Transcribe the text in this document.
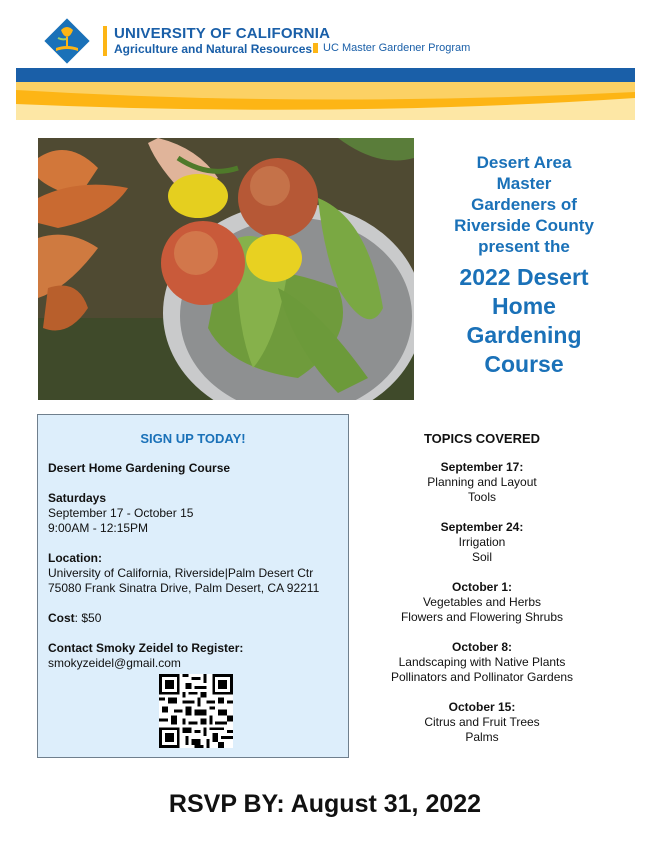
UNIVERSITY OF CALIFORNIA
Agriculture and Natural Resources UC Master Gardener Program
Desert Area
Master
Gardeners of
Riverside County
present the
2022 Desert
Home
Gardening
Course
SIGN UP TODAY!
Desert Home Gardening Course
Saturdays
September 17 - October 15
9:00AM - 12:15PM
Location:
University of California, Riverside|Palm Desert Ctr
75080 Frank Sinatra Drive, Palm Desert, CA 92211
Cost: $50
Contact Smoky Zeidel to Register:
smokyzeidel@gmail.com
TOPICS COVERED
September 17:
Planning and Layout
Tools
September 24:
Irrigation
Soil
October 1:
Vegetables and Herbs
Flowers and Flowering Shrubs
October 8:
Landscaping with Native Plants
Pollinators and Pollinator Gardens
October 15:
Citrus and Fruit Trees
Palms
RSVP BY: August 31, 2022
